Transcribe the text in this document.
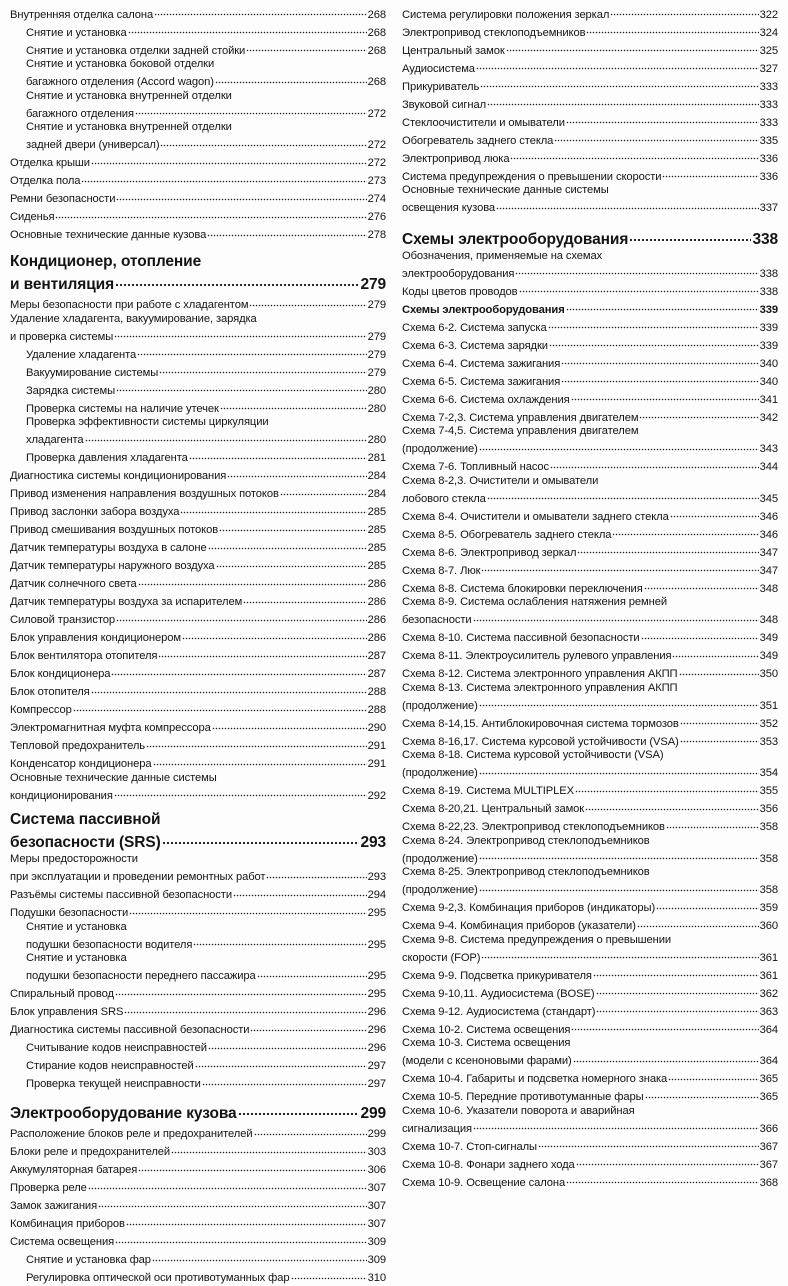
Внутренняя отделка салона	268
Снятие и установка	268
Снятие и установка отделки задней стойки	268
Снятие и установка боковой отделки
багажного отделения (Accord wagon)	268
Снятие и установка внутренней отделки
багажного отделения	272
Снятие и установка внутренней отделки
задней двери (универсал)	272
Отделка крыши	272
Отделка пола	273
Ремни безопасности	274
Сиденья	276
Основные технические данные кузова	278
Кондиционер, отопление
и вентиляция	279
Меры безопасности при работе с хладагентом	279
Удаление хладагента, вакуумирование, зарядка
и проверка системы	279
Удаление хладагента	279
Вакуумирование системы	279
Зарядка системы	280
Проверка системы на наличие утечек	280
Проверка эффективности системы циркуляции
хладагента	280
Проверка давления хладагента	281
Диагностика системы кондиционирования	284
Привод изменения направления воздушных потоков	284
Привод заслонки забора воздуха	285
Привод смешивания воздушных потоков	285
Датчик температуры воздуха в салоне	285
Датчик температуры наружного воздуха	285
Датчик солнечного света	286
Датчик температуры воздуха за испарителем	286
Силовой транзистор	286
Блок управления кондиционером	286
Блок вентилятора отопителя	287
Блок кондиционера	287
Блок отопителя	288
Компрессор	288
Электромагнитная муфта компрессора	290
Тепловой предохранитель	291
Конденсатор кондиционера	291
Основные технические данные системы
кондиционирования	292
Система пассивной
безопасности (SRS)	293
Меры предосторожности
при эксплуатации и проведении ремонтных работ	293
Разъёмы системы пассивной безопасности	294
Подушки безопасности	295
Снятие и установка
подушки безопасности водителя	295
Снятие и установка
подушки безопасности переднего пассажира	295
Спиральный провод	295
Блок управления SRS	296
Диагностика системы пассивной безопасности	296
Считывание кодов неисправностей	296
Стирание кодов неисправностей	297
Проверка текущей неисправности	297
Электрооборудование кузова	299
Расположение блоков реле и предохранителей	299
Блоки реле и предохранителей	303
Аккумуляторная батарея	306
Проверка реле	307
Замок зажигания	307
Комбинация приборов	307
Система освещения	309
Снятие и установка фар	309
Регулировка оптической оси противотуманных фар	310
Система регулировки положения зеркал	322
Электропривод стеклоподъемников	324
Центральный замок	325
Аудиосистема	327
Прикуриватель	333
Звуковой сигнал	333
Стеклоочистители и омыватели	333
Обогреватель заднего стекла	335
Электропривод люка	336
Система предупреждения о превышении скорости	336
Основные технические данные системы
освещения кузова	337
Схемы электрооборудования	338
Обозначения, применяемые на схемах
электрооборудования	338
Коды цветов проводов	338
Схемы электрооборудования	339
Схема 6-2. Система запуска	339
Схема 6-3. Система зарядки	339
Схема 6-4. Система зажигания	340
Схема 6-5. Система зажигания	340
Схема 6-6. Система охлаждения	341
Схема 7-2,3. Система управления двигателем	342
Схема 7-4,5. Система управления двигателем
(продолжение)	343
Схема 7-6. Топливный насос	344
Схема 8-2,3. Очистители и омыватели
лобового стекла	345
Схема 8-4. Очистители и омыватели заднего стекла	346
Схема 8-5. Обогреватель заднего стекла	346
Схема 8-6. Электропривод зеркал	347
Схема 8-7. Люк	347
Схема 8-8. Система блокировки переключения	348
Схема 8-9. Система ослабления натяжения ремней
безопасности	348
Схема 8-10. Система пассивной безопасности	349
Схема 8-11. Электроусилитель рулевого управления	349
Схема 8-12. Система электронного управления АКПП	350
Схема 8-13. Система электронного управления АКПП
(продолжение)	351
Схема 8-14,15. Антиблокировочная система тормозов	352
Схема 8-16,17. Система курсовой устойчивости (VSA)	353
Схема 8-18. Система курсовой устойчивости (VSA)
(продолжение)	354
Схема 8-19. Система MULTIPLEX	355
Схема 8-20,21. Центральный замок	356
Схема 8-22,23. Электропривод стеклоподъемников	358
Схема 8-24. Электропривод стеклоподъемников
(продолжение)	358
Схема 8-25. Электропривод стеклоподъемников
(продолжение)	358
Схема 9-2,3. Комбинация приборов (индикаторы)	359
Схема 9-4. Комбинация приборов (указатели)	360
Схема 9-8. Система предупреждения о превышении
скорости (FOP)	361
Схема 9-9. Подсветка прикуривателя	361
Схема 9-10,11. Аудиосистема (BOSE)	362
Схема 9-12. Аудиосистема (стандарт)	363
Схема 10-2. Система освещения	364
Схема 10-3. Система освещения
(модели с ксеноновыми фарами)	364
Схема 10-4. Габариты и подсветка номерного знака	365
Схема 10-5. Передние противотуманные фары	365
Схема 10-6. Указатели поворота и аварийная
сигнализация	366
Схема 10-7. Стоп-сигналы	367
Схема 10-8. Фонари заднего хода	367
Схема 10-9. Освещение салона	368
